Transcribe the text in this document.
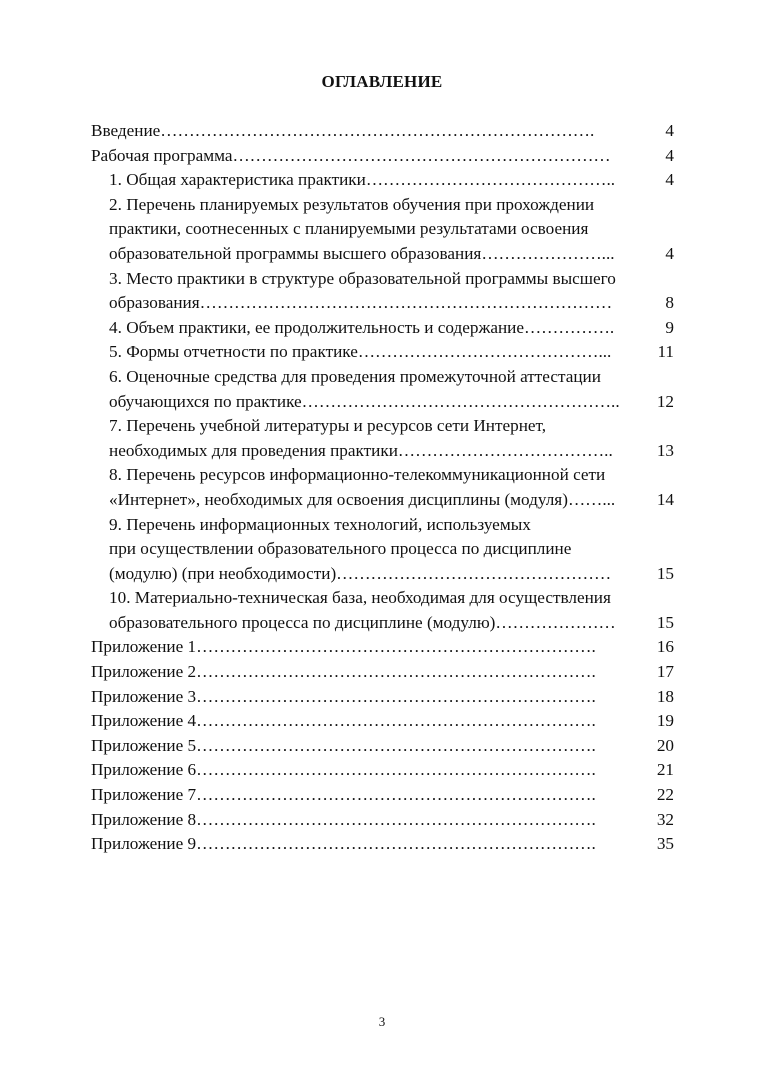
ОГЛАВЛЕНИЕ
Введение………………………………………………………………….	4
Рабочая программа…………………………………………………………	4
1. Общая характеристика практики……………………………………..	4
2. Перечень планируемых результатов обучения при прохождении
практики, соотнесенных с планируемыми результатами освоения
образовательной программы высшего образования…………………...	4
3. Место практики в структуре образовательной программы высшего
образования………………………………………………………………	8
4. Объем практики, ее продолжительность и содержание…………….	9
5. Формы отчетности по практике……………………………………...	11
6. Оценочные средства для проведения промежуточной аттестации
обучающихся по практике………………………………………………..	12
7. Перечень учебной литературы и ресурсов сети Интернет,
необходимых для проведения практики………………………………..	13
8. Перечень ресурсов информационно-телекоммуникационной сети
«Интернет», необходимых для освоения дисциплины (модуля)……...	14
9. Перечень информационных технологий, используемых
при осуществлении образовательного процесса по дисциплине
(модулю) (при необходимости)…………………………………………	15
10. Материально-техническая база, необходимая для осуществления
образовательного процесса по дисциплине (модулю)…………………	15
Приложение 1…………………………………………………………….	16
Приложение 2…………………………………………………………….	17
Приложение 3…………………………………………………………….	18
Приложение 4…………………………………………………………….	19
Приложение 5…………………………………………………………….	20
Приложение 6…………………………………………………………….	21
Приложение 7…………………………………………………………….	22
Приложение 8…………………………………………………………….	32
Приложение 9…………………………………………………………….	35
3
